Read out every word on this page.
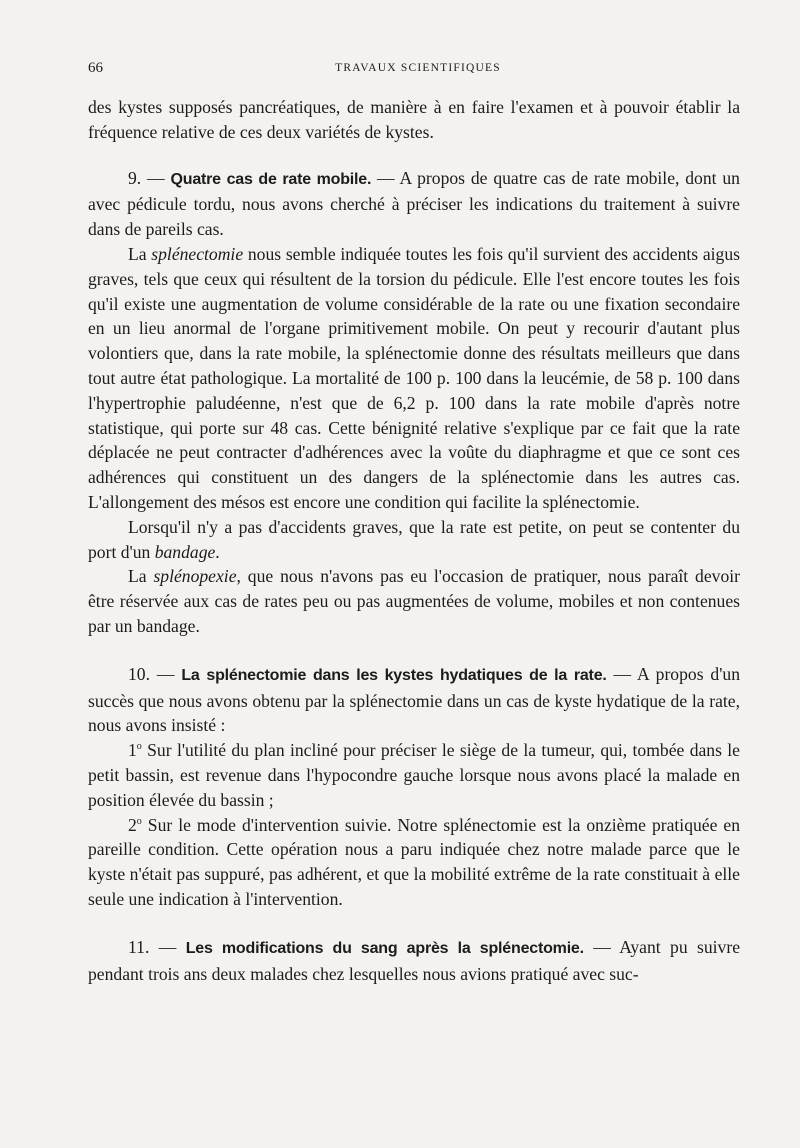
66	TRAVAUX SCIENTIFIQUES

des kystes supposés pancréatiques, de manière à en faire l'examen et à pouvoir établir la fréquence relative de ces deux variétés de kystes.

9. — Quatre cas de rate mobile. — A propos de quatre cas de rate mobile, dont un avec pédicule tordu, nous avons cherché à préciser les indications du traitement à suivre dans de pareils cas.

La splénectomie nous semble indiquée toutes les fois qu'il survient des accidents aigus graves, tels que ceux qui résultent de la torsion du pédicule. Elle l'est encore toutes les fois qu'il existe une augmentation de volume considérable de la rate ou une fixation secondaire en un lieu anormal de l'organe primitivement mobile. On peut y recourir d'autant plus volontiers que, dans la rate mobile, la splénectomie donne des résultats meilleurs que dans tout autre état pathologique. La mortalité de 100 p. 100 dans la leucémie, de 58 p. 100 dans l'hypertrophie paludéenne, n'est que de 6,2 p. 100 dans la rate mobile d'après notre statistique, qui porte sur 48 cas. Cette bénignité relative s'explique par ce fait que la rate déplacée ne peut contracter d'adhérences avec la voûte du diaphragme et que ce sont ces adhérences qui constituent un des dangers de la splénectomie dans les autres cas. L'allongement des mésos est encore une condition qui facilite la splénectomie.

Lorsqu'il n'y a pas d'accidents graves, que la rate est petite, on peut se contenter du port d'un bandage.

La splénopexie, que nous n'avons pas eu l'occasion de pratiquer, nous paraît devoir être réservée aux cas de rates peu ou pas augmentées de volume, mobiles et non contenues par un bandage.

10. — La splénectomie dans les kystes hydatiques de la rate. — A propos d'un succès que nous avons obtenu par la splénectomie dans un cas de kyste hydatique de la rate, nous avons insisté :

1$^o$ Sur l'utilité du plan incliné pour préciser le siège de la tumeur, qui, tombée dans le petit bassin, est revenue dans l'hypocondre gauche lorsque nous avons placé la malade en position élevée du bassin ;

2$^o$ Sur le mode d'intervention suivie. Notre splénectomie est la onzième pratiquée en pareille condition. Cette opération nous a paru indiquée chez notre malade parce que le kyste n'était pas suppuré, pas adhérent, et que la mobilité extrême de la rate constituait à elle seule une indication à l'intervention.

11. — Les modifications du sang après la splénectomie. — Ayant pu suivre pendant trois ans deux malades chez lesquelles nous avions pratiqué avec suc-
